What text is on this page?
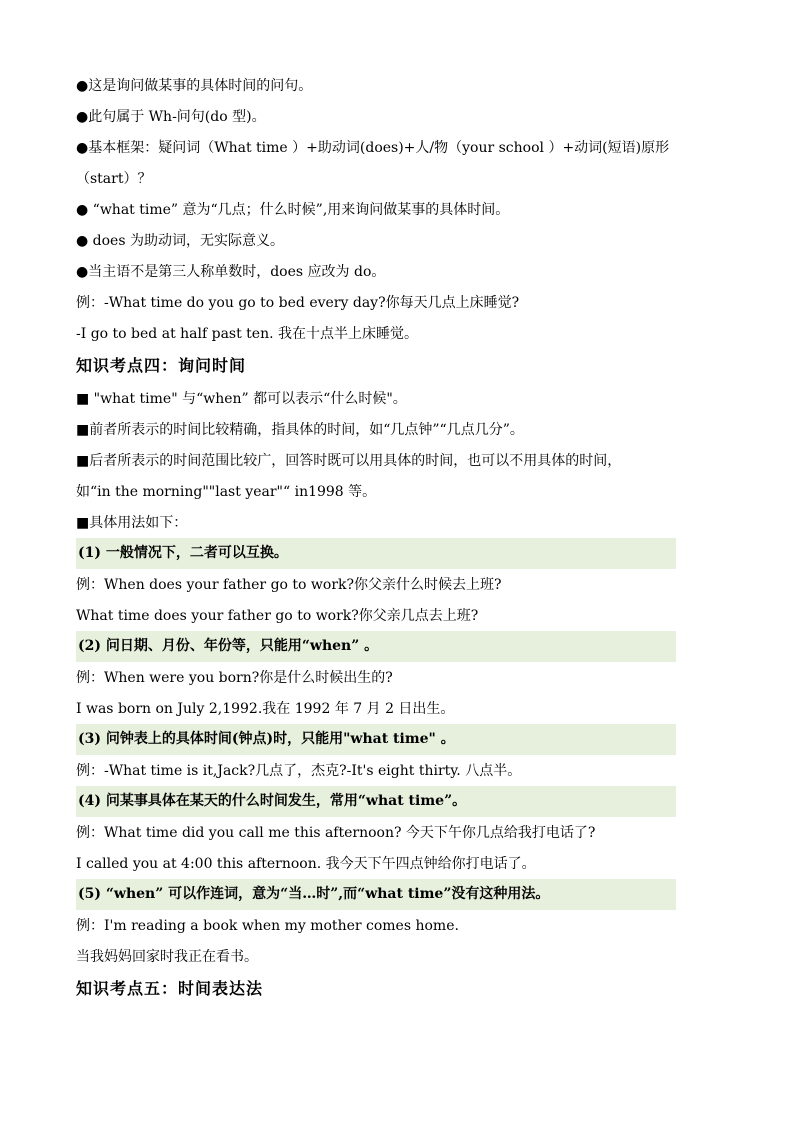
●这是询问做某事的具体时间的问句。

●此句属于 Wh-问句(do 型)。

●基本框架：疑问词（What time ）+助动词(does)+人/物（your school ）+动词(短语)原形

（start）？

● “what time” 意为“几点；什么时候”,用来询问做某事的具体时间。

● does 为助动词，无实际意义。

●当主语不是第三人称单数时，does 应改为 do。

例：-What time do you go to bed every day?你每天几点上床睡觉?

-I go to bed at half past ten. 我在十点半上床睡觉。

知识考点四：询问时间

■ "what time" 与“when” 都可以表示“什么时候"。

■前者所表示的时间比较精确，指具体的时间，如“几点钟”“几点几分”。

■后者所表示的时间范围比较广，回答时既可以用具体的时间，也可以不用具体的时间，

如“in the morning""last year"“ in1998 等。

■具体用法如下：

(1) 一般情况下，二者可以互换。

例：When does your father go to work?你父亲什么时候去上班?

What time does your father go to work?你父亲几点去上班?

(2) 问日期、月份、年份等，只能用“when” 。

例：When were you born?你是什么时候出生的?

I was born on July 2,1992.我在 1992 年 7 月 2 日出生。

(3) 问钟表上的具体时间(钟点)时，只能用"what time" 。

例：-What time is it,Jack?几点了，杰克?-It's eight thirty. 八点半。

(4) 问某事具体在某天的什么时间发生，常用“what time”。

例：What time did you call me this afternoon? 今天下午你几点给我打电话了?

I called you at 4:00 this afternoon. 我今天下午四点钟给你打电话了。

(5) “when” 可以作连词，意为“当…时”,而“what time”没有这种用法。

例：I'm reading a book when my mother comes home.

当我妈妈回家时我正在看书。

知识考点五：时间表达法
